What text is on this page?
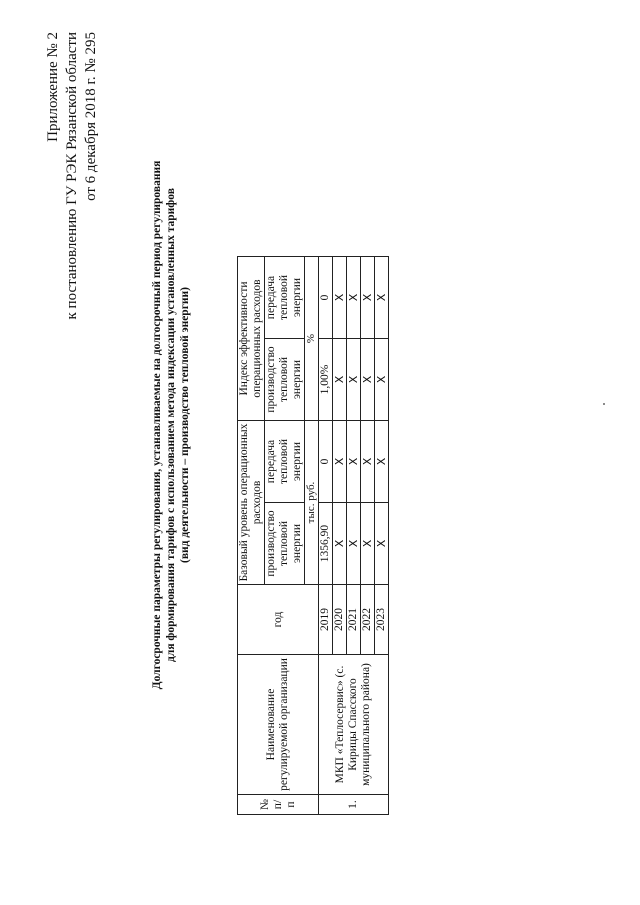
Приложение № 2 к постановлению ГУ РЭК Рязанской области от 6 декабря 2018 г. № 295
Долгосрочные параметры регулирования, устанавливаемые на долгосрочный период регулирования для формирования тарифов с использованием метода индексации установленных тарифов (вид деятельности – производство тепловой энергии)
№ п/п	Наименование регулируемой организации	год	Базовый уровень операционных расходов		Индекс эффективности операционных расходов	
			производство тепловой энергии	передача тепловой энергии	производство тепловой энергии	передача тепловой энергии
			тыс. руб.		%	
1.	МКП «Теплосервис» (с. Кирицы Спасского муниципального района)	2019	1356,90	0	1,00%	0
		2020	X	X	X	X
		2021	X	X	X	X
		2022	X	X	X	X
		2023	X	X	X	X
